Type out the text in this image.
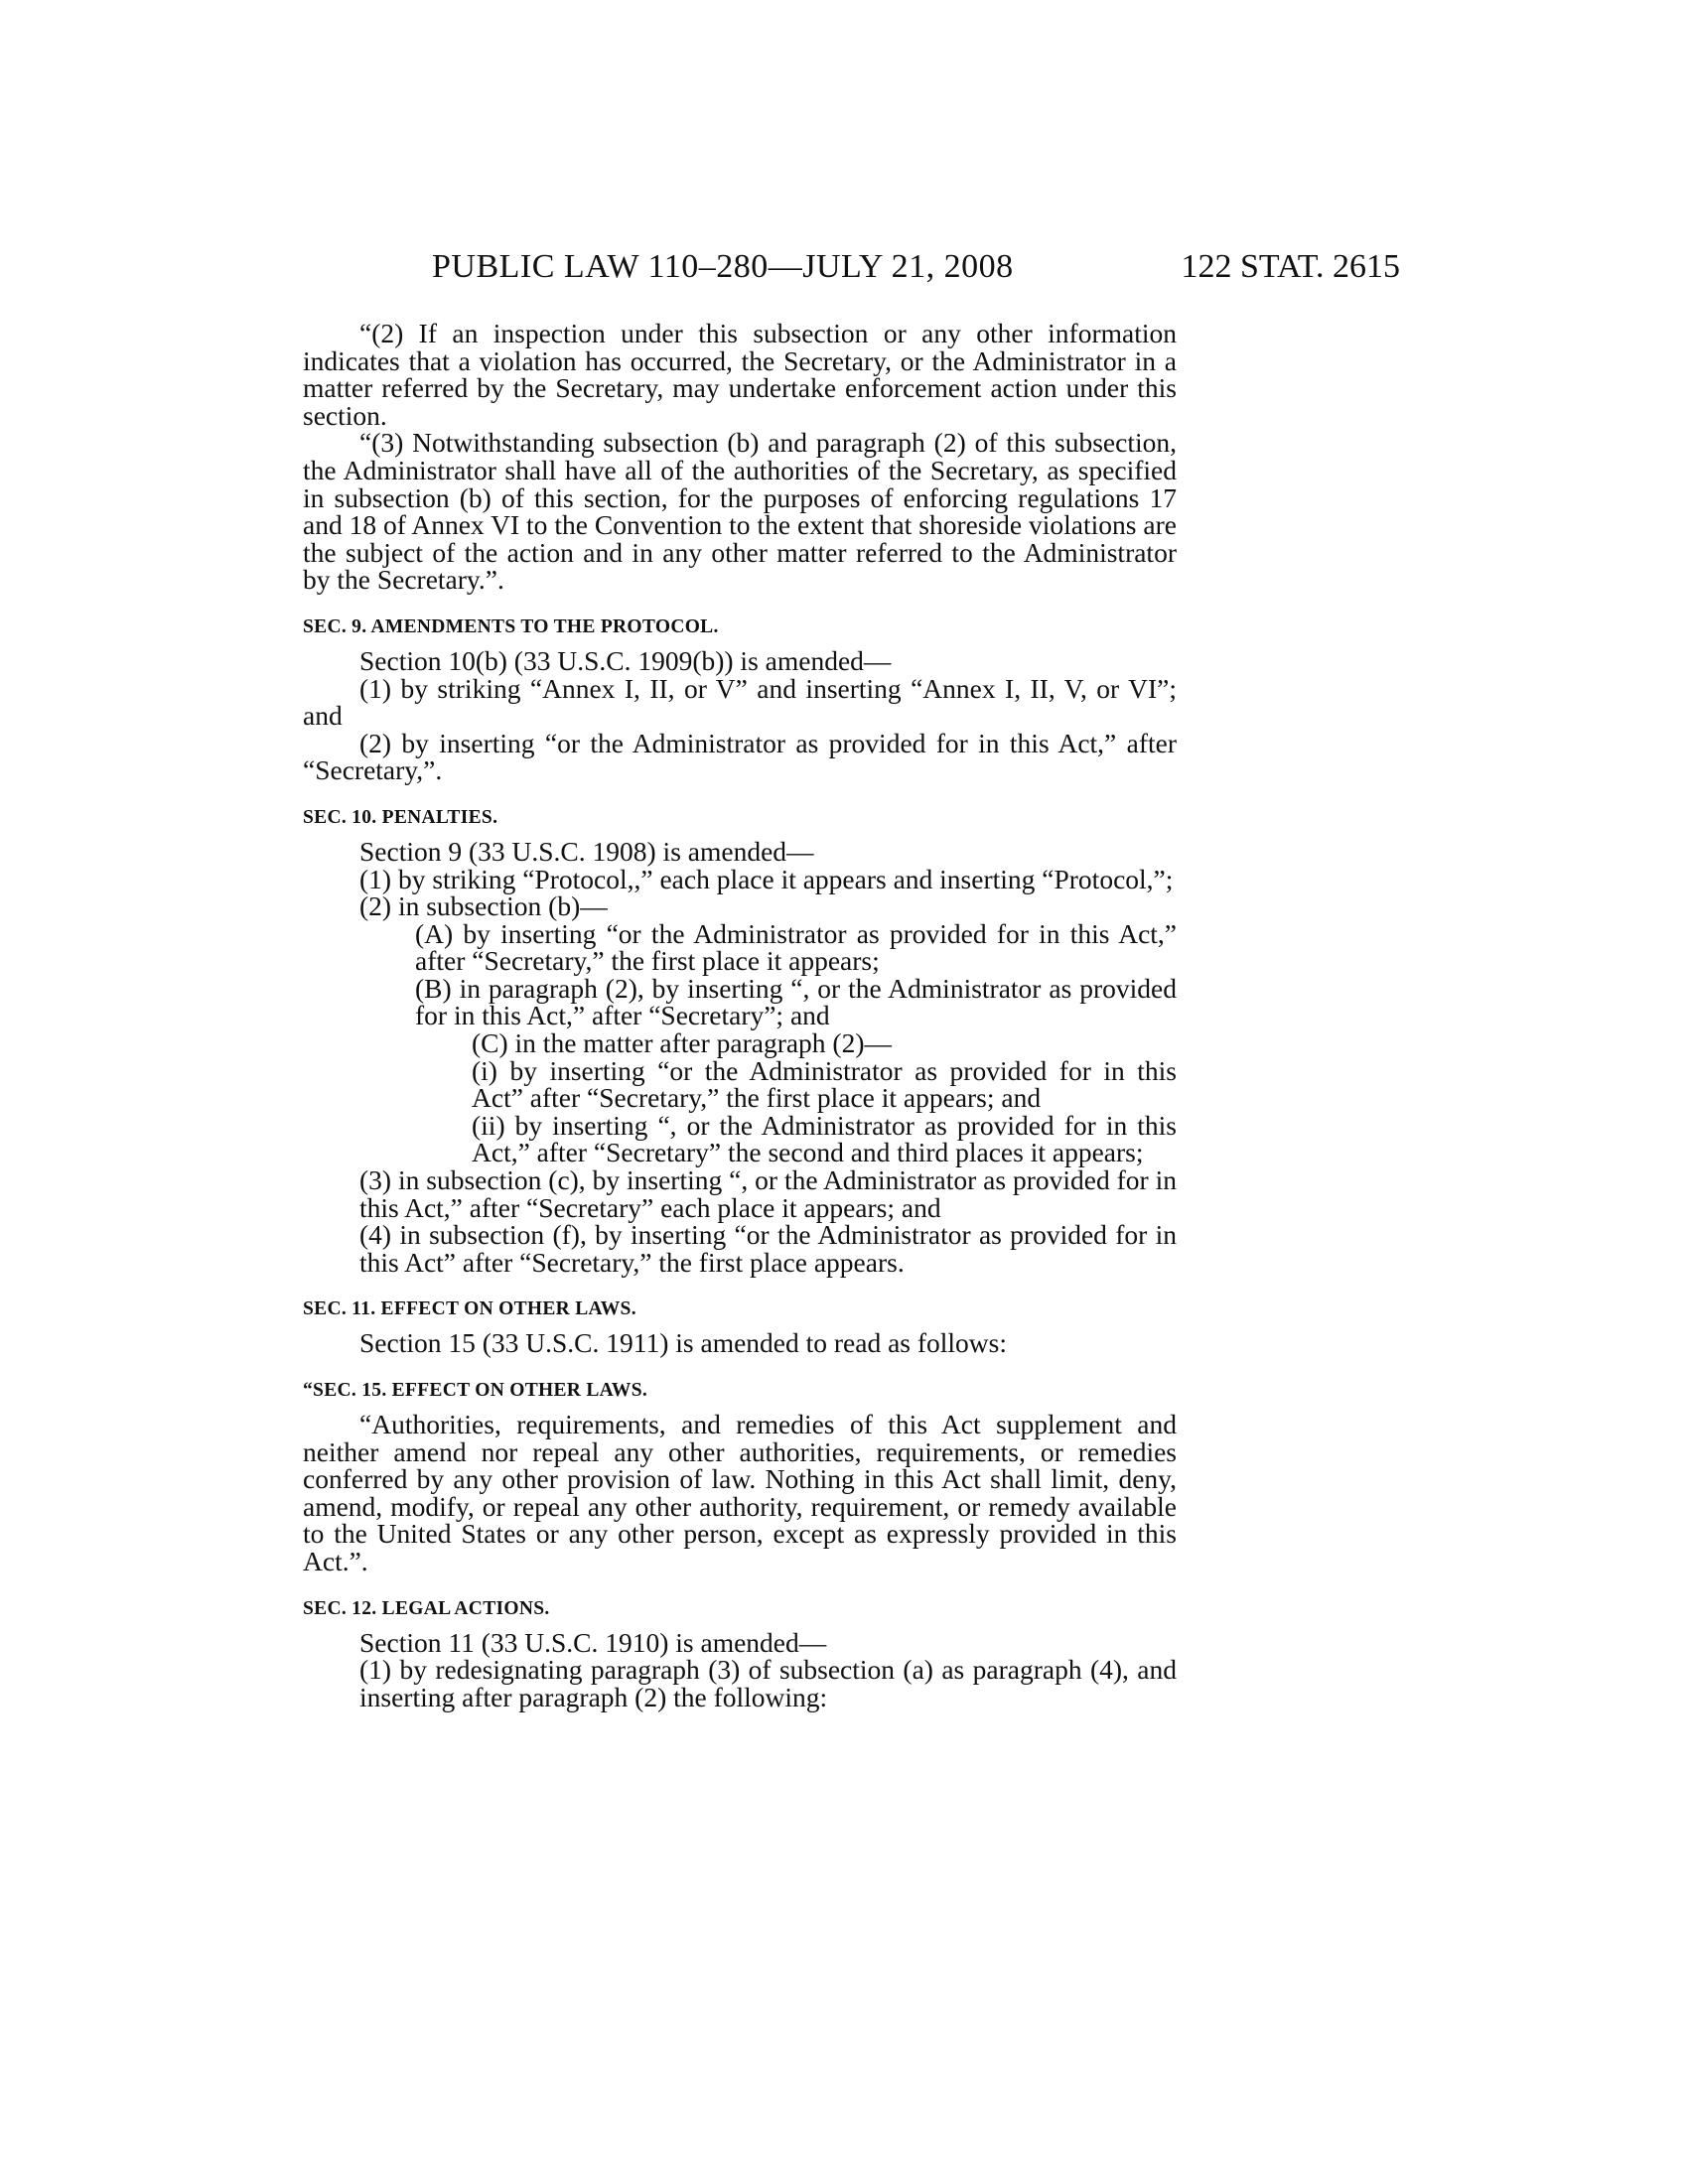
PUBLIC LAW 110–280—JULY 21, 2008	122 STAT. 2615

“(2) If an inspection under this subsection or any other information indicates that a violation has occurred, the Secretary, or the Administrator in a matter referred by the Secretary, may undertake enforcement action under this section.

“(3) Notwithstanding subsection (b) and paragraph (2) of this subsection, the Administrator shall have all of the authorities of the Secretary, as specified in subsection (b) of this section, for the purposes of enforcing regulations 17 and 18 of Annex VI to the Convention to the extent that shoreside violations are the subject of the action and in any other matter referred to the Administrator by the Secretary.”.

SEC. 9. AMENDMENTS TO THE PROTOCOL.

Section 10(b) (33 U.S.C. 1909(b)) is amended—

(1) by striking “Annex I, II, or V” and inserting “Annex I, II, V, or VI”; and

(2) by inserting “or the Administrator as provided for in this Act,” after “Secretary,”.

SEC. 10. PENALTIES.

Section 9 (33 U.S.C. 1908) is amended—

(1) by striking “Protocol,,” each place it appears and inserting “Protocol,”;

(2) in subsection (b)—

(A) by inserting “or the Administrator as provided for in this Act,” after “Secretary,” the first place it appears;

(B) in paragraph (2), by inserting “, or the Administrator as provided for in this Act,” after “Secretary”; and

(C) in the matter after paragraph (2)—

(i) by inserting “or the Administrator as provided for in this Act” after “Secretary,” the first place it appears; and

(ii) by inserting “, or the Administrator as provided for in this Act,” after “Secretary” the second and third places it appears;

(3) in subsection (c), by inserting “, or the Administrator as provided for in this Act,” after “Secretary” each place it appears; and

(4) in subsection (f), by inserting “or the Administrator as provided for in this Act” after “Secretary,” the first place appears.

SEC. 11. EFFECT ON OTHER LAWS.

Section 15 (33 U.S.C. 1911) is amended to read as follows:

“SEC. 15. EFFECT ON OTHER LAWS.

“Authorities, requirements, and remedies of this Act supplement and neither amend nor repeal any other authorities, requirements, or remedies conferred by any other provision of law. Nothing in this Act shall limit, deny, amend, modify, or repeal any other authority, requirement, or remedy available to the United States or any other person, except as expressly provided in this Act.”.

SEC. 12. LEGAL ACTIONS.

Section 11 (33 U.S.C. 1910) is amended—

(1) by redesignating paragraph (3) of subsection (a) as paragraph (4), and inserting after paragraph (2) the following:
